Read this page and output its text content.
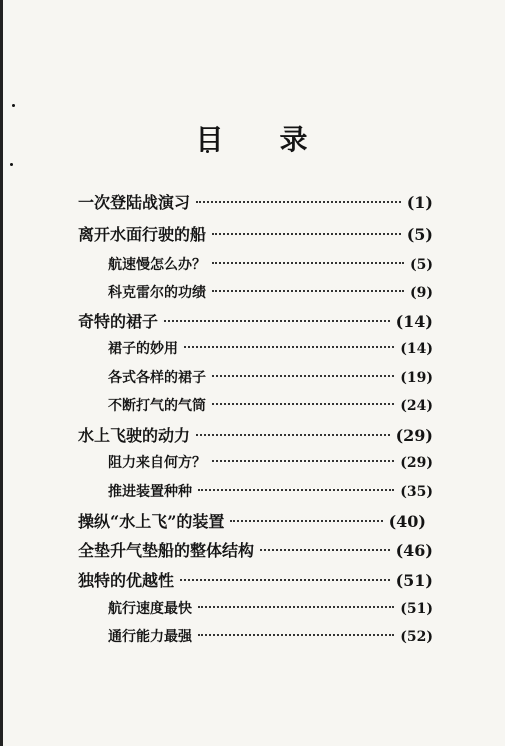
目 录
一次登陆战演习	(1)
离开水面行驶的船	(5)
航速慢怎么办？	(5)
科克雷尔的功绩	(9)
奇特的裙子	(14)
裙子的妙用	(14)
各式各样的裙子	(19)
不断打气的气筒	(24)
水上飞驶的动力	(29)
阻力来自何方？	(29)
推进装置种种	(35)
操纵“水上飞”的装置	(40)
全垫升气垫船的整体结构	(46)
独特的优越性	(51)
航行速度最快	(51)
通行能力最强	(52)
